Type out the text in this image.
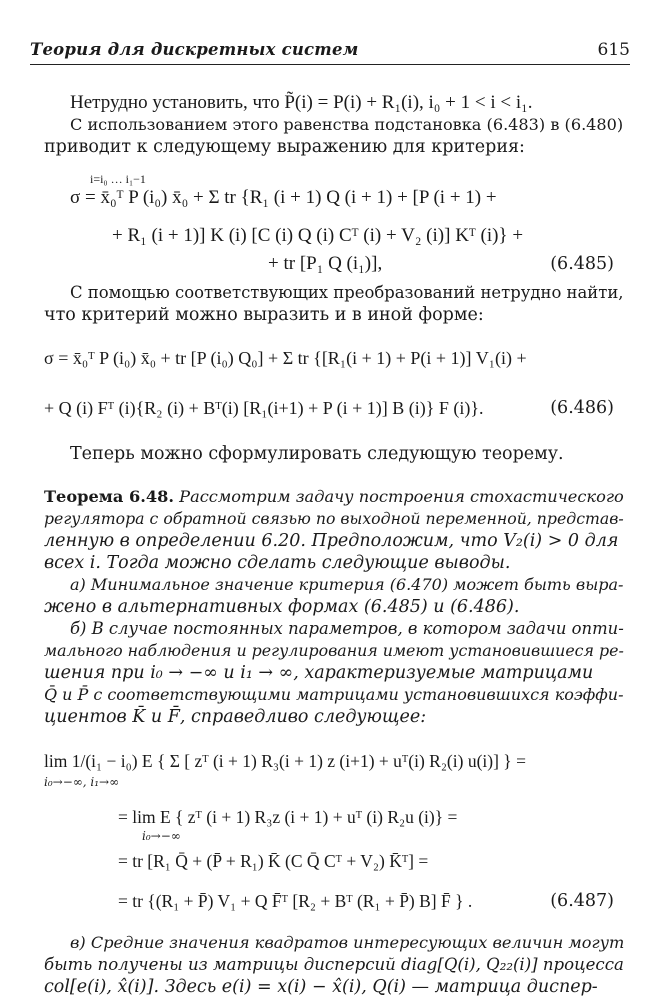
Теория для дискретных систем	615
Нетрудно установить, что P̃(i) = P(i) + R₁(i), i₀ + 1 < i < i₁.
С использованием этого равенства подстановка (6.483) в (6.480)
приводит к следующему выражению для критерия:
i=i₀ … i₁−1
σ = x̄₀ᵀ P (i₀) x̄₀ + Σ tr {R₁ (i + 1) Q (i + 1) + [P (i + 1) +
+ R₁ (i + 1)] K (i) [C (i) Q (i) Cᵀ (i) + V₂ (i)] Kᵀ (i)} +
+ tr [P₁ Q (i₁)],	(6.485)
С помощью соответствующих преобразований нетрудно найти,
что критерий можно выразить и в иной форме:
σ = x̄₀ᵀ P (i₀) x̄₀ + tr [P (i₀) Q₀] + Σ tr {[R₁(i + 1) + P(i + 1)] V₁(i) +
+ Q (i) Fᵀ (i){R₂ (i) + Bᵀ(i) [R₁(i+1) + P (i + 1)] B (i)} F (i)}.	(6.486)
Теперь можно сформулировать следующую теорему.
Теорема 6.48. Рассмотрим задачу построения стохастического
регулятора с обратной связью по выходной переменной, представ-
ленную в определении 6.20. Предположим, что V₂(i) > 0 для
всех i. Тогда можно сделать следующие выводы.
а) Минимальное значение критерия (6.470) может быть выра-
жено в альтернативных формах (6.485) и (6.486).
б) В случае постоянных параметров, в котором задачи опти-
мального наблюдения и регулирования имеют установившиеся ре-
шения при i₀ → −∞ и i₁ → ∞, характеризуемые матрицами
Q̄ и P̄ с соответствующими матрицами установившихся коэффи-
циентов K̄ и F̄, справедливо следующее:
lim 1/(i₁ − i₀) E { Σ [ zᵀ (i + 1) R₃(i + 1) z (i+1) + uᵀ(i) R₂(i) u(i)] } =
i₀→−∞, i₁→∞
= lim E { zᵀ (i + 1) R₃z (i + 1) + uᵀ (i) R₂u (i)} =
i₀→−∞
= tr [R₁ Q̄ + (P̄ + R₁) K̄ (C Q̄ Cᵀ + V₂) K̄ᵀ] =
= tr {(R₁ + P̄) V₁ + Q F̄ᵀ [R₂ + Bᵀ (R₁ + P̄) B] F̄ } .	(6.487)
в) Средние значения квадратов интересующих величин могут
быть получены из матрицы дисперсий diag[Q(i), Q₂₂(i)] процесса
col[e(i), x̂(i)]. Здесь e(i) = x(i) − x̂(i), Q(i) — матрица диспер-
